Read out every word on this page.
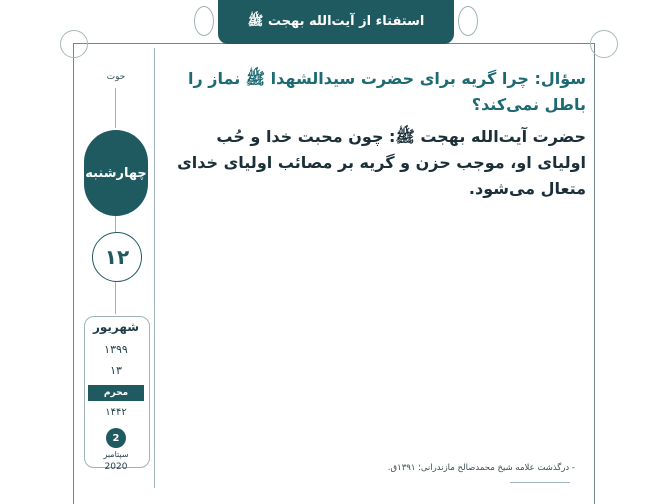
استفتاء از آیت‌الله بهجت ﷺ
حوت
چهارشنبه
۱۲
شهریور
۱۳۹۹
۱۳
محرم
۱۴۴۲
2
سپتامبر
2020

سؤال: چرا گریه برای حضرت سیدالشهدا ﷺ نماز را باطل نمی‌کند؟

حضرت آیت‌الله بهجت ﷺ: چون محبت خدا و حُب اولیای او، موجب حزن و گریه بر مصائب اولیای خدای متعال می‌شود.

- درگذشت علامه شیخ محمدصالح مازندرانی؛ ۱۳۹۱ق.
